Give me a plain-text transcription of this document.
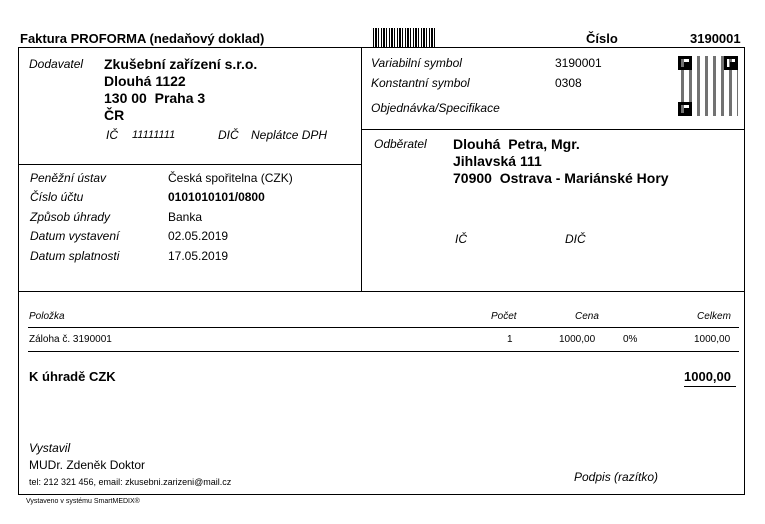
Faktura PROFORMA (nedaňový doklad)	Číslo	3190001
Dodavatel Zkušební zařízení s.r.o.
Dlouhá 1122
130 00  Praha 3
ČR
IČ 11111111	DIČ Neplátce DPH
Variabilní symbol	3190001
Konstantní symbol	0308
Objednávka/Specifikace
Peněžní ústav	Česká spořitelna (CZK)
Číslo účtu	0101010101/0800
Způsob úhrady	Banka
Datum vystavení	02.05.2019
Datum splatnosti	17.05.2019
Odběratel Dlouhá  Petra, Mgr.
Jihlavská 111
70900  Ostrava - Mariánské Hory
IČ	DIČ
Položka	Počet	Cena	Celkem
Záloha č. 3190001	1	1000,00	0%	1000,00
K úhradě CZK	1000,00
Vystavil
MUDr. Zdeněk Doktor
tel: 212 321 456, email: zkusebni.zarizeni@mail.cz	Podpis (razítko)
Vystaveno v systému SmartMEDIX®
